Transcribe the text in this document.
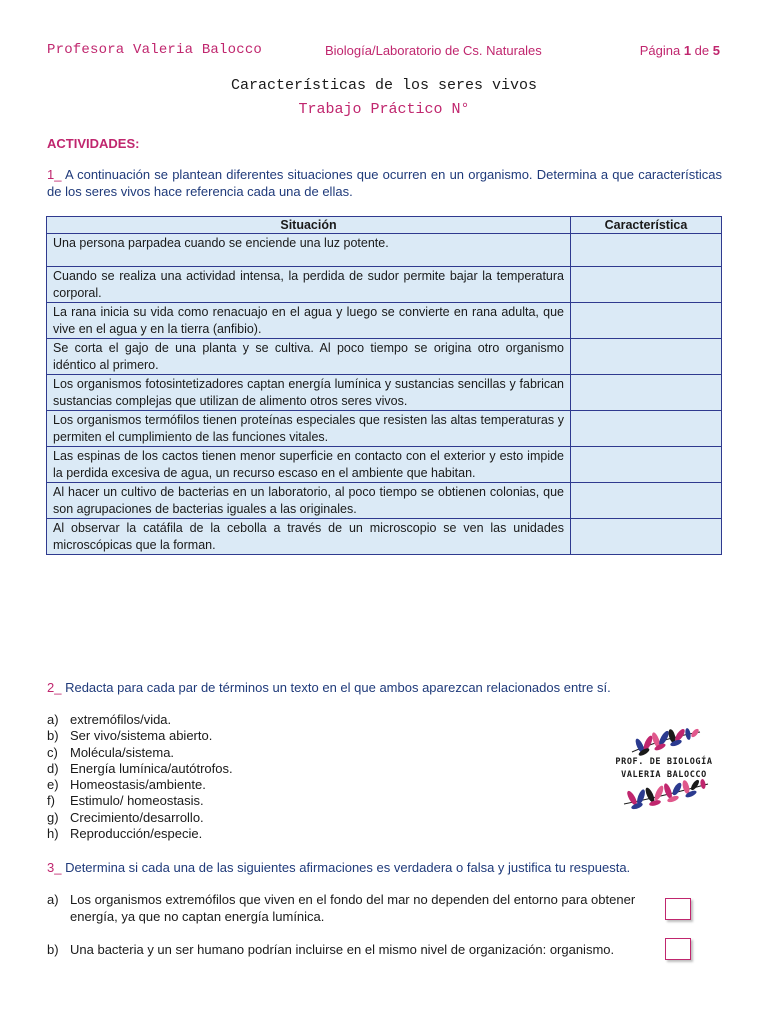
Profesora Valeria Balocco	Biología/Laboratorio de Cs. Naturales	Página 1 de 5
Características de los seres vivos
Trabajo Práctico N°
ACTIVIDADES:
1_ A continuación se plantean diferentes situaciones que ocurren en un organismo. Determina a que características de los seres vivos hace referencia cada una de ellas.
Situación	Característica
Una persona parpadea cuando se enciende una luz potente.	
Cuando se realiza una actividad intensa, la perdida de sudor permite bajar la temperatura corporal.	
La rana inicia su vida como renacuajo en el agua y luego se convierte en rana adulta, que vive en el agua y en la tierra (anfibio).	
Se corta el gajo de una planta y se cultiva. Al poco tiempo se origina otro organismo idéntico al primero.	
Los organismos fotosintetizadores captan energía lumínica y sustancias sencillas y fabrican sustancias complejas que utilizan de alimento otros seres vivos.	
Los organismos termófilos tienen proteínas especiales que resisten las altas temperaturas y permiten el cumplimiento de las funciones vitales.	
Las espinas de los cactos tienen menor superficie en contacto con el exterior y esto impide la perdida excesiva de agua, un recurso escaso en el ambiente que habitan.	
Al hacer un cultivo de bacterias en un laboratorio, al poco tiempo se obtienen colonias, que son agrupaciones de bacterias iguales a las originales.	
Al observar la catáfila de la cebolla a través de un microscopio se ven las unidades microscópicas que la forman.	
2_ Redacta para cada par de términos un texto en el que ambos aparezcan relacionados entre sí.
a) extremófilos/vida.
b) Ser vivo/sistema abierto.
c) Molécula/sistema.
d) Energía lumínica/autótrofos.
e) Homeostasis/ambiente.
f) Estimulo/ homeostasis.
g) Crecimiento/desarrollo.
h) Reproducción/especie.
PROF. DE BIOLOGÍA
VALERIA BALOCCO
3_ Determina si cada una de las siguientes afirmaciones es verdadera o falsa y justifica tu respuesta.
a) Los organismos extremófilos que viven en el fondo del mar no dependen del entorno para obtener energía, ya que no captan energía lumínica.
b) Una bacteria y un ser humano podrían incluirse en el mismo nivel de organización: organismo.
